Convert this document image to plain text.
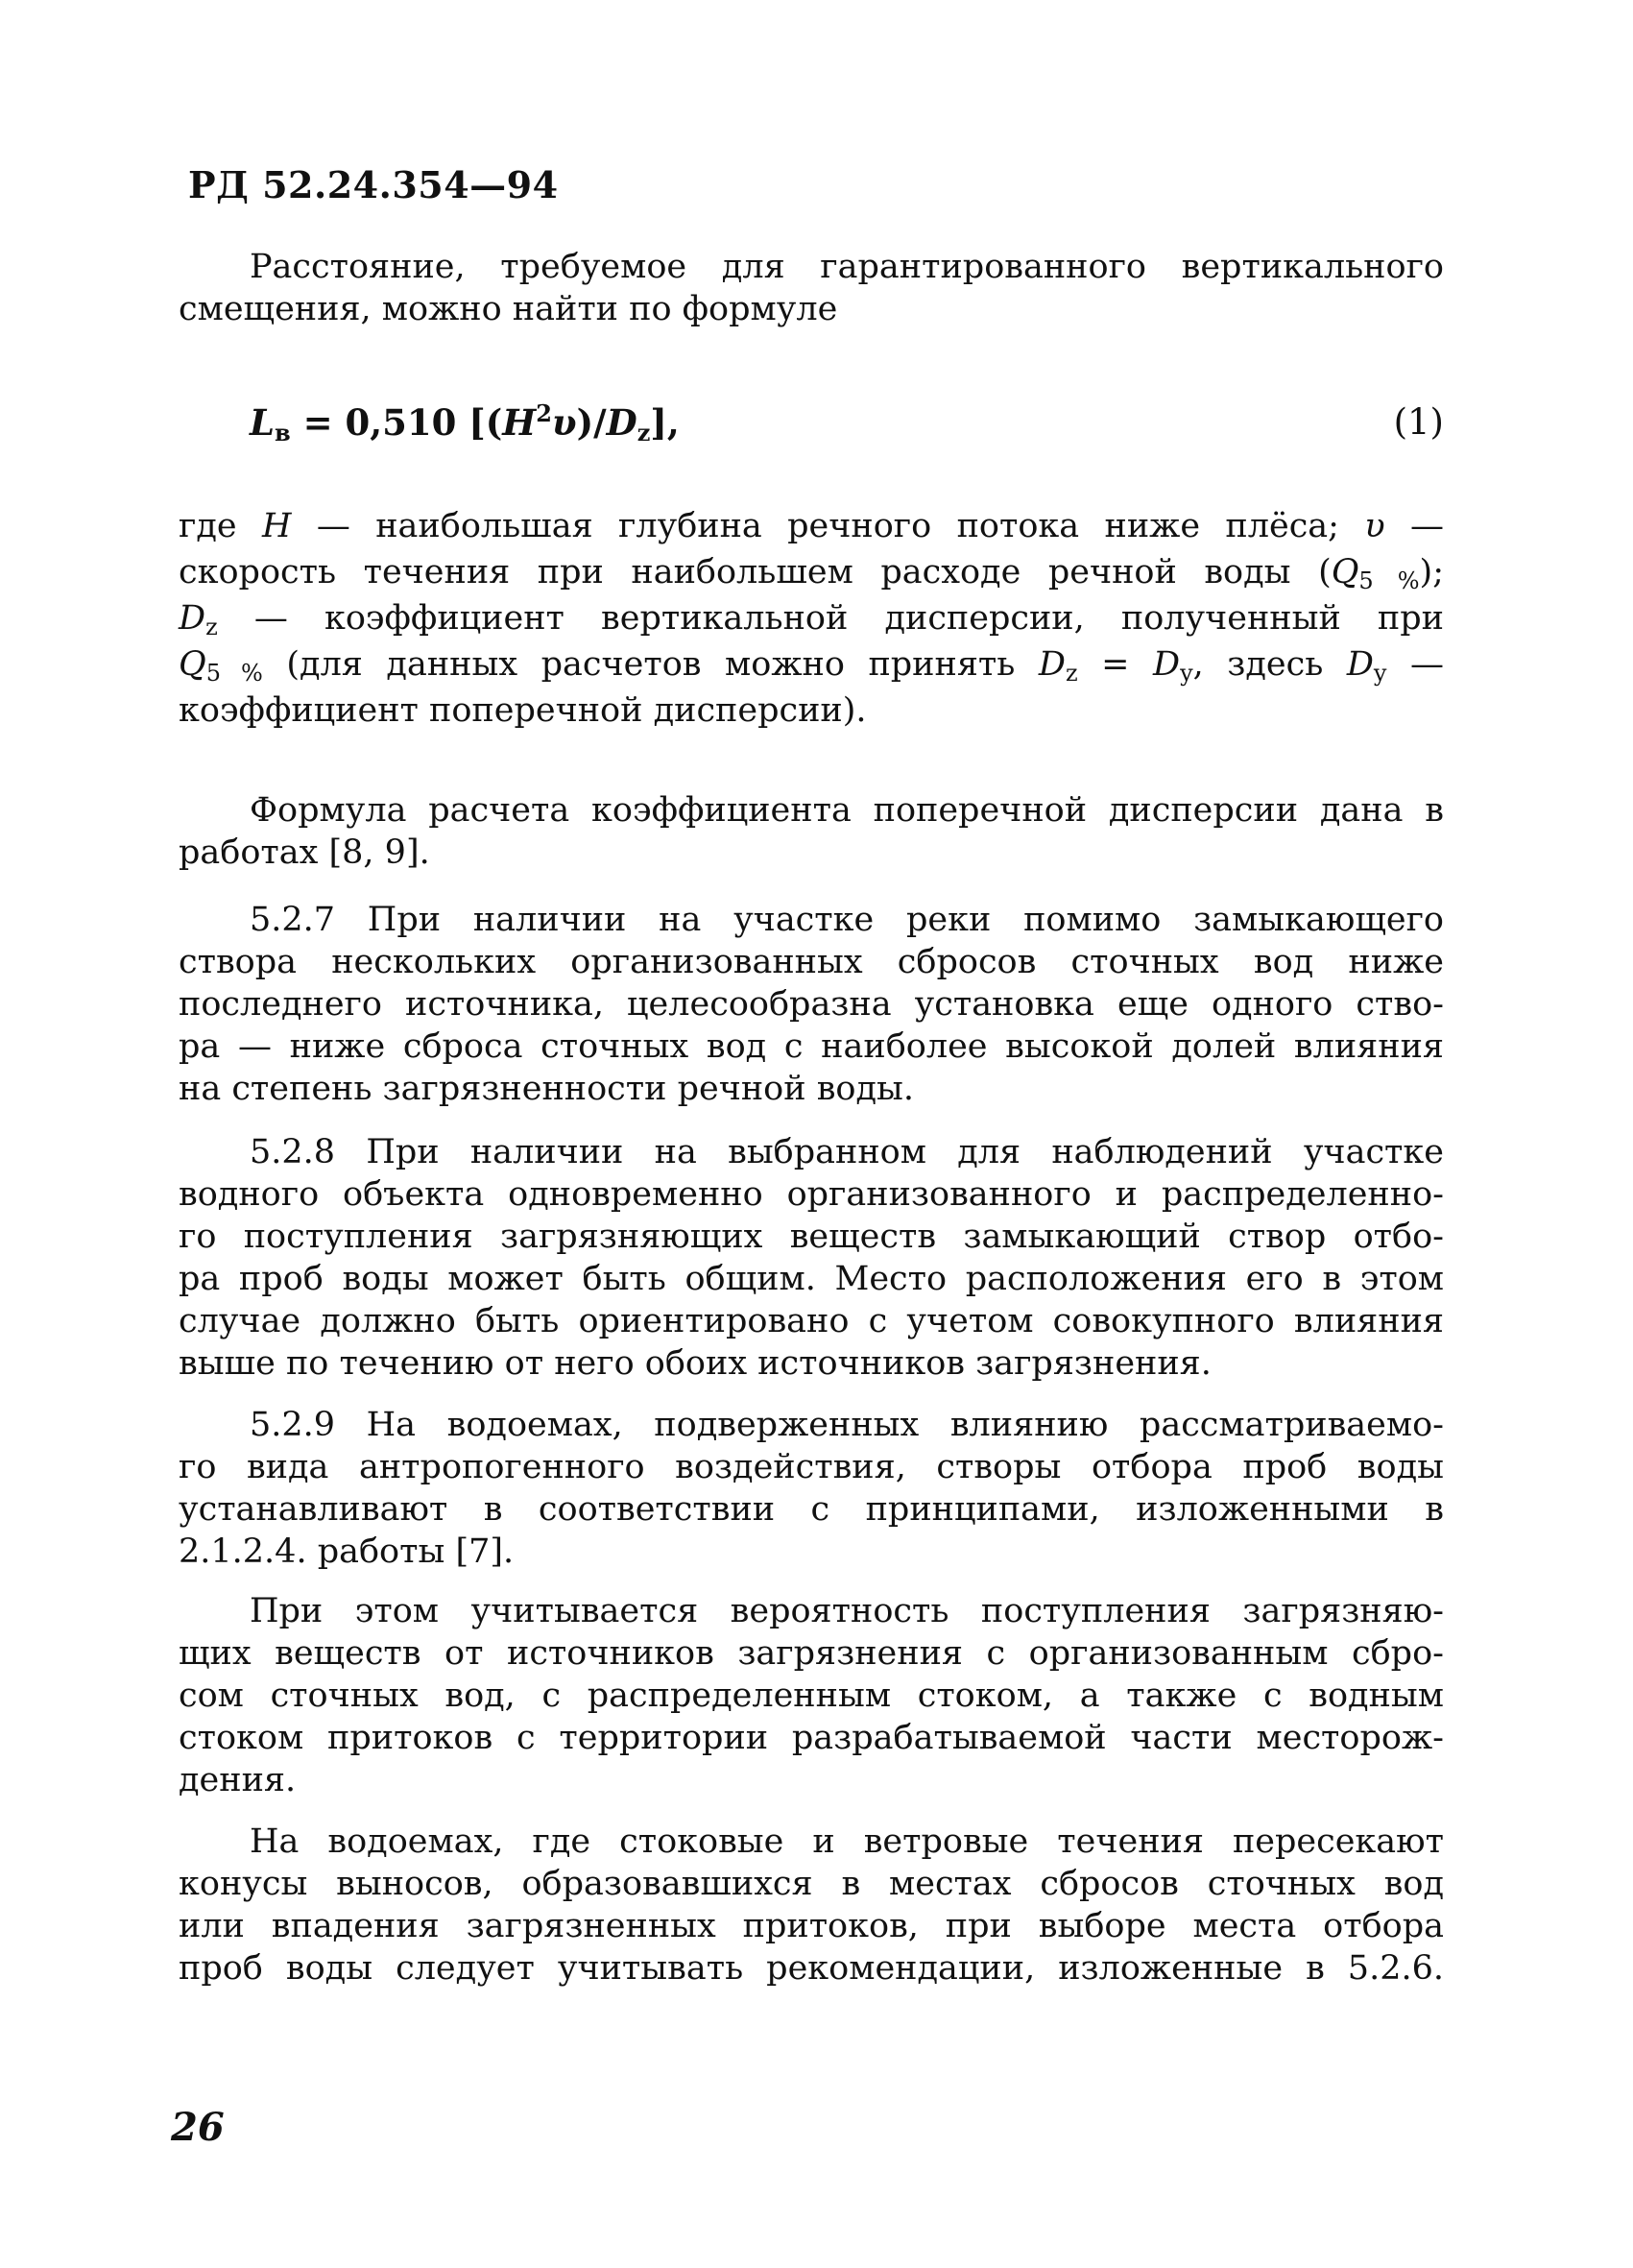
РД 52.24.354—94
Расстояние, требуемое для гарантированного вертикального
смещения, можно найти по формуле
$L_в = 0,510$ $[(H^2\upsilon)/D_z]$,	(1)
где H — наибольшая глубина речного потока ниже плёса; υ —
скорость течения при наибольшем расходе речной воды $(Q_{5 \%})$;
$D_z$ — коэффициент вертикальной дисперсии, полученный при
$Q_{5 \%}$ (для данных расчетов можно принять $D_z = D_y$, здесь $D_y$ —
коэффициент поперечной дисперсии).
Формула расчета коэффициента поперечной дисперсии дана в
работах [8, 9].
5.2.7 При наличии на участке реки помимо замыкающего
створа нескольких организованных сбросов сточных вод ниже
последнего источника, целесообразна установка еще одного ство-
ра — ниже сброса сточных вод с наиболее высокой долей влияния
на степень загрязненности речной воды.
5.2.8 При наличии на выбранном для наблюдений участке
водного объекта одновременно организованного и распределенно-
го поступления загрязняющих веществ замыкающий створ отбо-
ра проб воды может быть общим. Место расположения его в этом
случае должно быть ориентировано с учетом совокупного влияния
выше по течению от него обоих источников загрязнения.
5.2.9 На водоемах, подверженных влиянию рассматриваемо-
го вида антропогенного воздействия, створы отбора проб воды
устанавливают в соответствии с принципами, изложенными в
2.1.2.4. работы [7].
При этом учитывается вероятность поступления загрязняю-
щих веществ от источников загрязнения с организованным сбро-
сом сточных вод, с распределенным стоком, а также с водным
стоком притоков с территории разрабатываемой части месторож-
дения.
На водоемах, где стоковые и ветровые течения пересекают
конусы выносов, образовавшихся в местах сбросов сточных вод
или впадения загрязненных притоков, при выборе места отбора
проб воды следует учитывать рекомендации, изложенные в 5.2.6.
26
